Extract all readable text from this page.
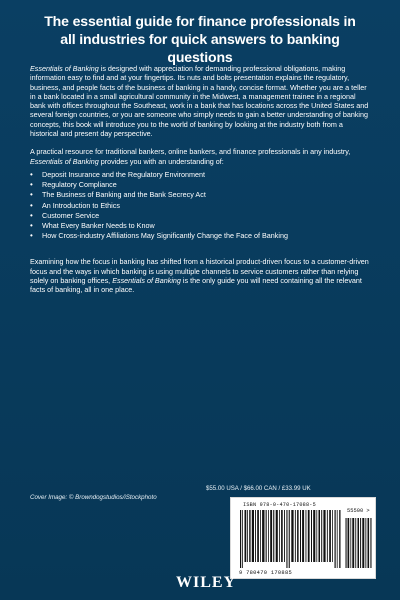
The essential guide for finance professionals in all industries for quick answers to banking questions

Essentials of Banking is designed with appreciation for demanding professional obligations, making information easy to find and at your fingertips. Its nuts and bolts presentation explains the regulatory, business, and people facts of the business of banking in a handy, concise format. Whether you are a teller in a bank located in a small agricultural community in the Midwest, a management trainee in a regional bank with offices throughout the Southeast, work in a bank that has locations across the United States and several foreign countries, or you are someone who simply needs to gain a better understanding of banking concepts, this book will introduce you to the world of banking by looking at the industry both from a historical and present day perspective.

A practical resource for traditional bankers, online bankers, and finance professionals in any industry, Essentials of Banking provides you with an understanding of:

• Deposit Insurance and the Regulatory Environment
• Regulatory Compliance
• The Business of Banking and the Bank Secrecy Act
• An Introduction to Ethics
• Customer Service
• What Every Banker Needs to Know
• How Cross-industry Affiliations May Significantly Change the Face of Banking

Examining how the focus in banking has shifted from a historical product-driven focus to a customer-driven focus and the ways in which banking is using multiple channels to service customers rather than relying solely on banking offices, Essentials of Banking is the only guide you will need containing all the relevant facts of banking, all in one place.

Cover Image: © Browndogstudios/iStockphoto
$55.00 USA / $66.00 CAN / £33.99 UK
ISBN 978-0-470-17088-5
55500 >
9 780470 170885
WILEY
